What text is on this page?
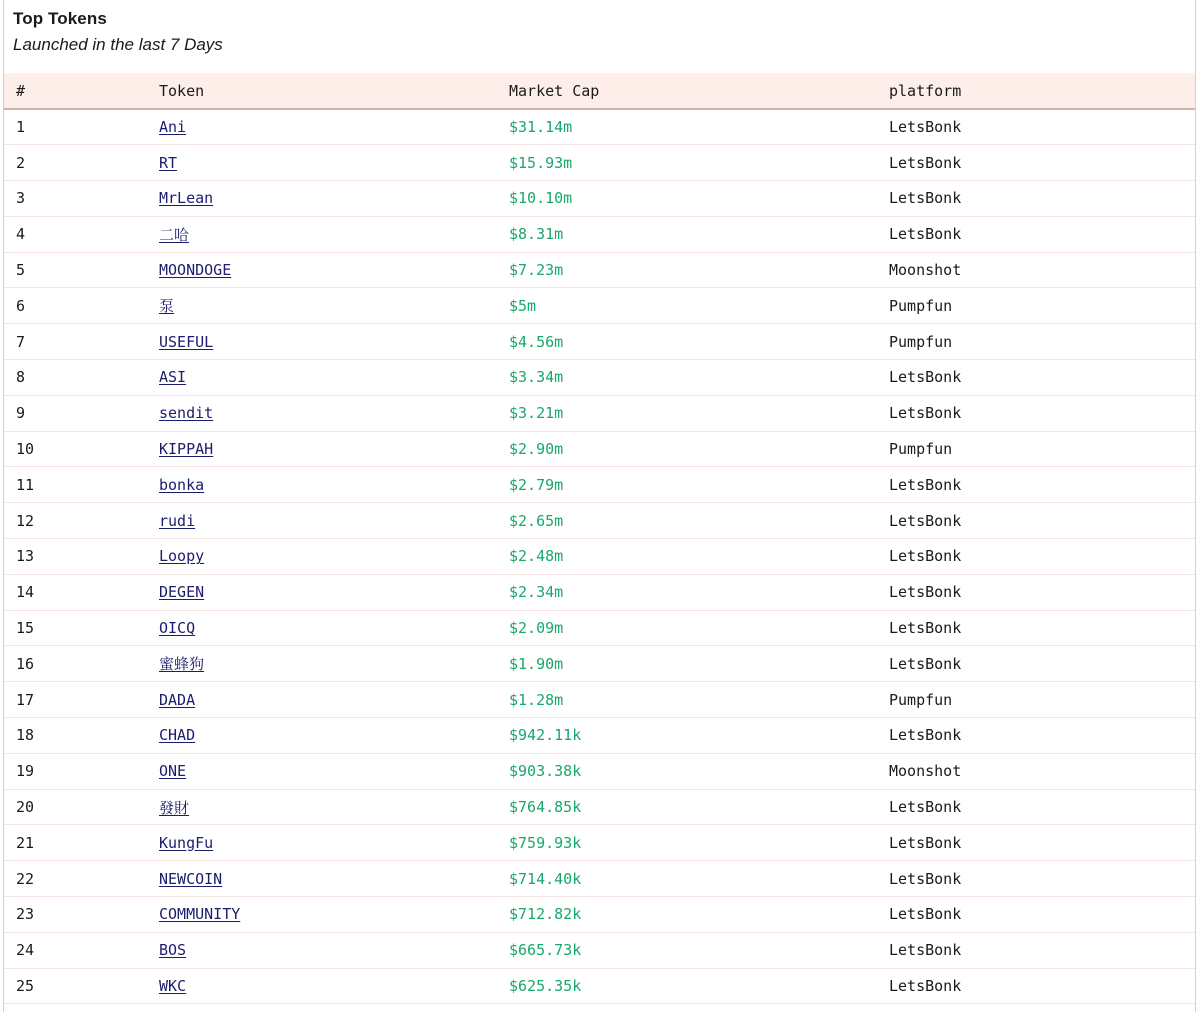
Top Tokens
Launched in the last 7 Days
#	Token	Market Cap	platform
1	Ani	$31.14m	LetsBonk
2	RT	$15.93m	LetsBonk
3	MrLean	$10.10m	LetsBonk
4	二哈	$8.31m	LetsBonk
5	MOONDOGE	$7.23m	Moonshot
6	泵	$5m	Pumpfun
7	USEFUL	$4.56m	Pumpfun
8	ASI	$3.34m	LetsBonk
9	sendit	$3.21m	LetsBonk
10	KIPPAH	$2.90m	Pumpfun
11	bonka	$2.79m	LetsBonk
12	rudi	$2.65m	LetsBonk
13	Loopy	$2.48m	LetsBonk
14	DEGEN	$2.34m	LetsBonk
15	OICQ	$2.09m	LetsBonk
16	蜜蜂狗	$1.90m	LetsBonk
17	DADA	$1.28m	Pumpfun
18	CHAD	$942.11k	LetsBonk
19	ONE	$903.38k	Moonshot
20	發財	$764.85k	LetsBonk
21	KungFu	$759.93k	LetsBonk
22	NEWCOIN	$714.40k	LetsBonk
23	COMMUNITY	$712.82k	LetsBonk
24	BOS	$665.73k	LetsBonk
25	WKC	$625.35k	LetsBonk
